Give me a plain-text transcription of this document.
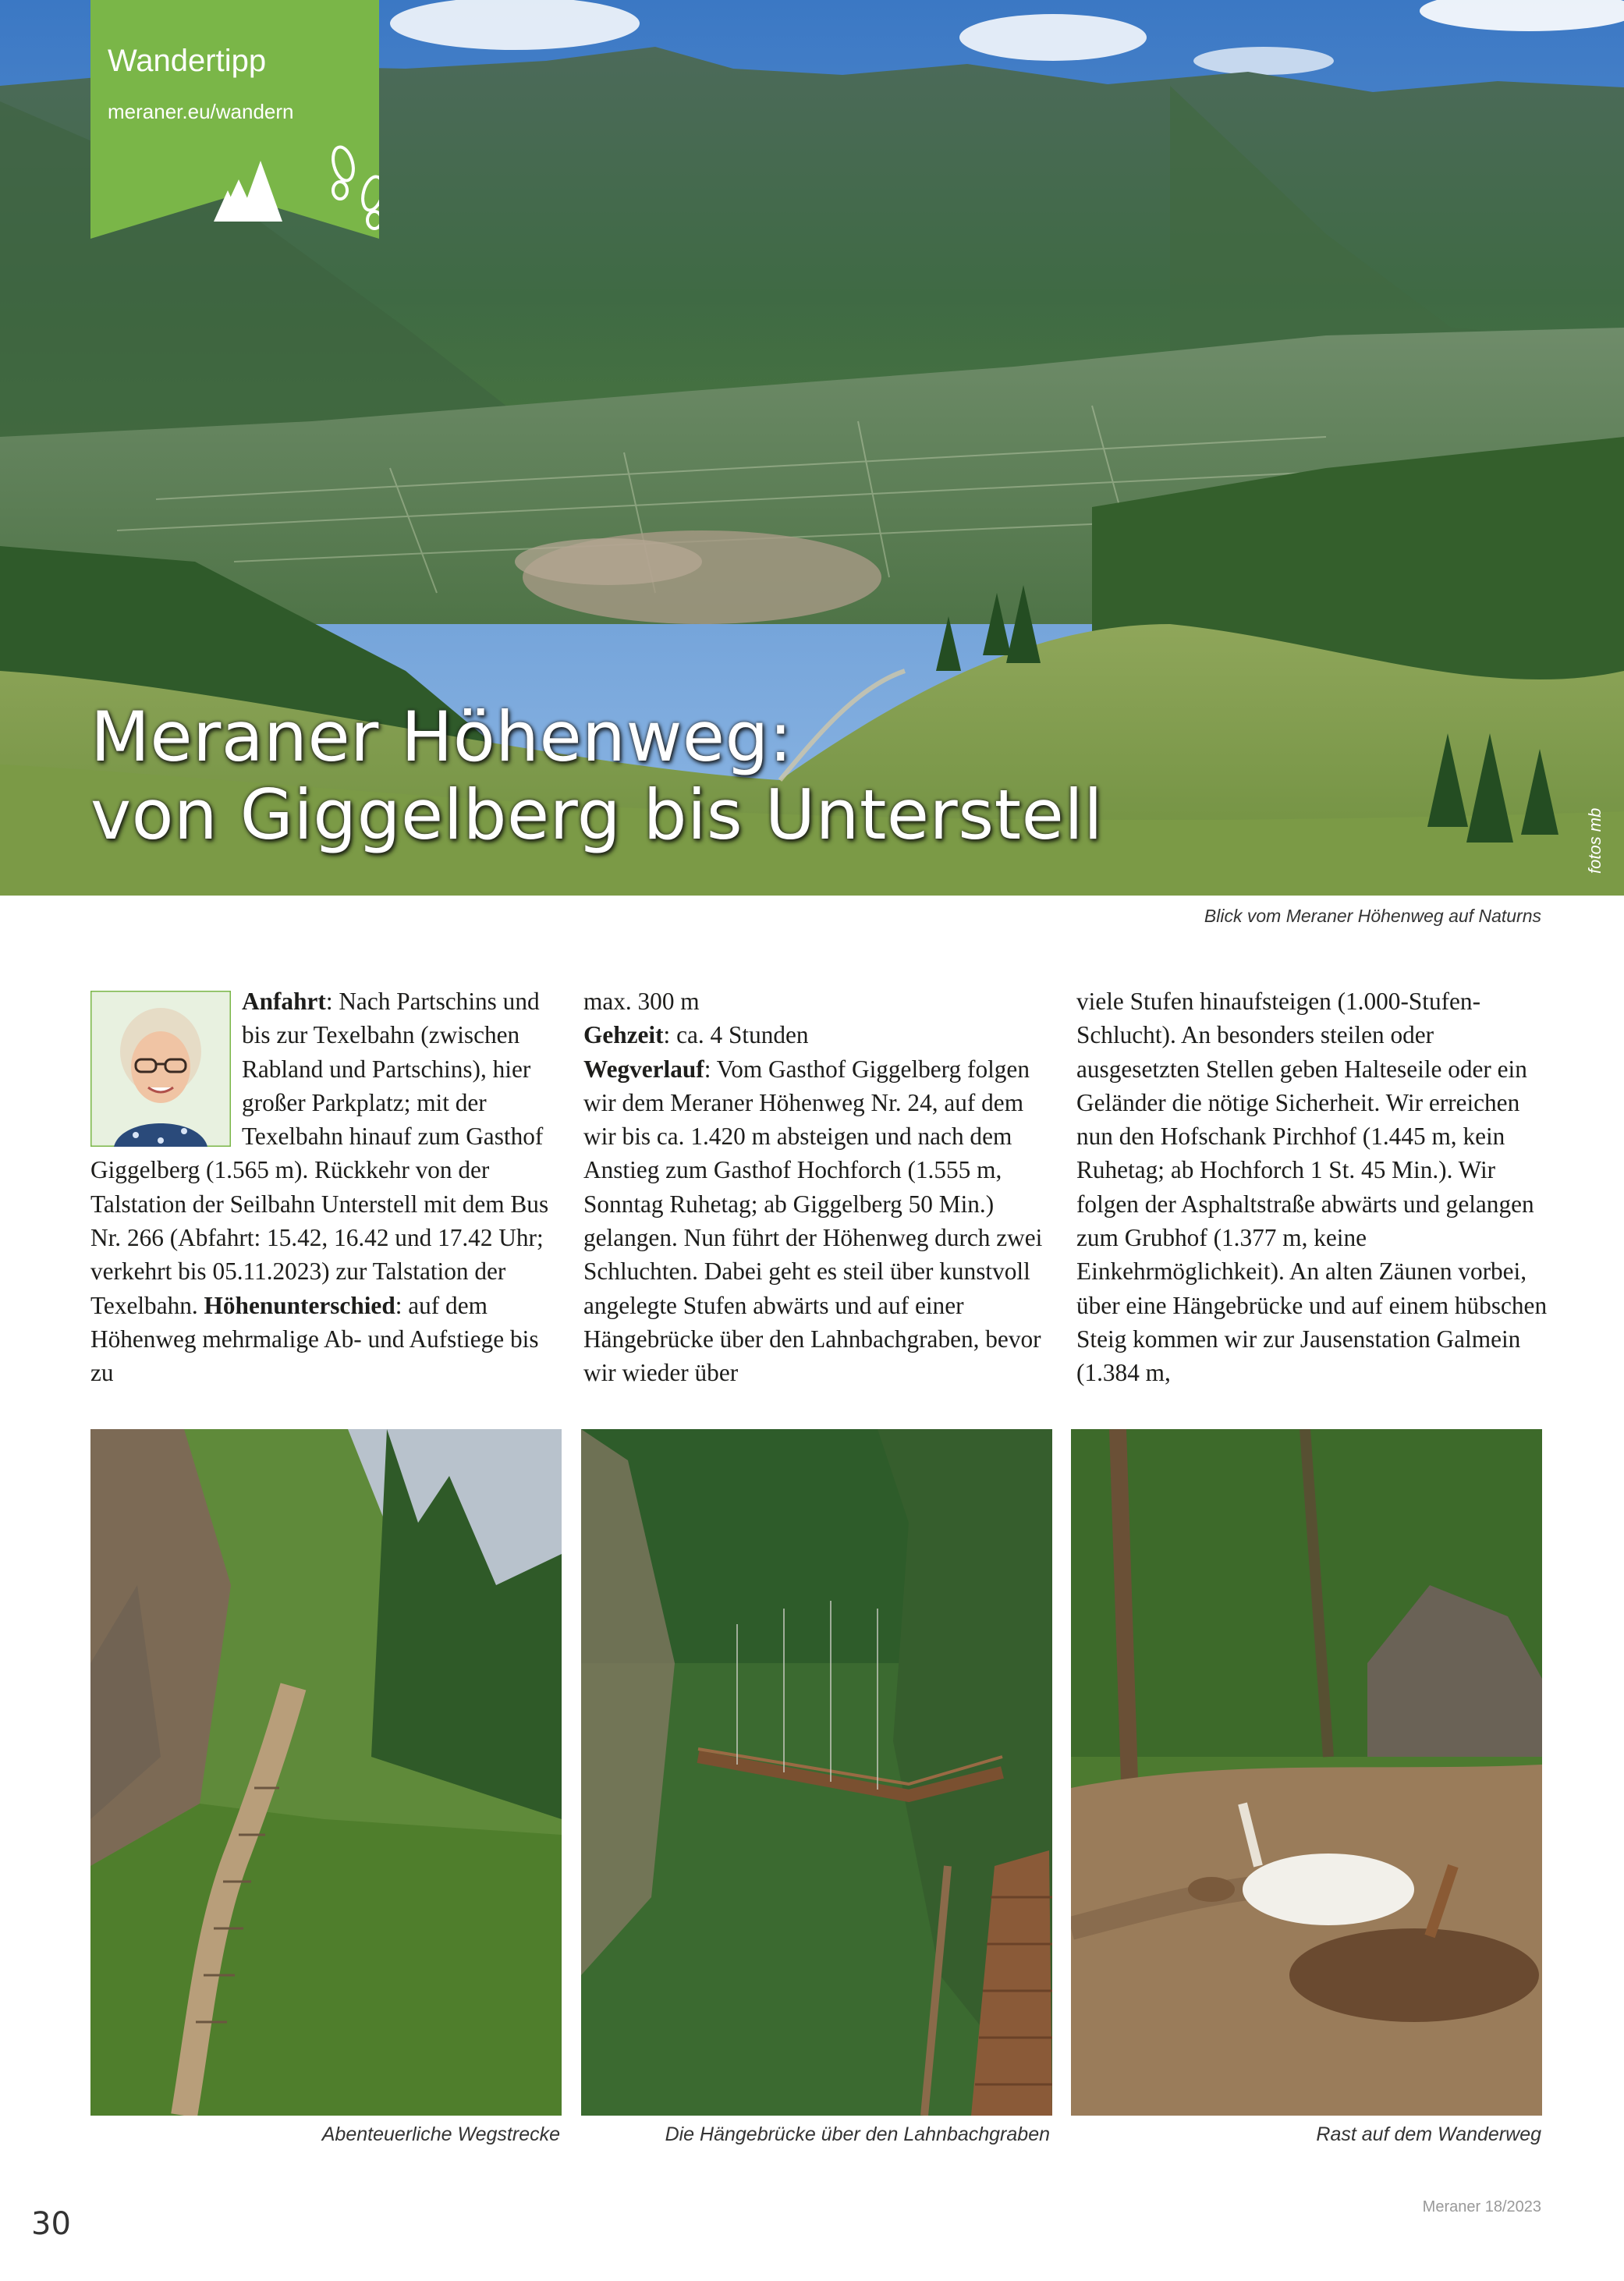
Wandertipp
meraner.eu/wandern
Meraner Höhenweg:
von Giggelberg bis Unterstell	fotos mb
Blick vom Meraner Höhenweg auf Naturns
Anfahrt: Nach Partschins und bis zur Texelbahn (zwischen Rabland und Partschins), hier großer Parkplatz; mit der Texelbahn hinauf zum Gasthof Giggelberg (1.565 m). Rückkehr von der Talstation der Seilbahn Unterstell mit dem Bus Nr. 266 (Abfahrt: 15.42, 16.42 und 17.42 Uhr; verkehrt bis 05.11.2023) zur Talstation der Texelbahn. Höhenunterschied: auf dem Höhenweg mehrmalige Ab- und Aufstiege bis zu
max. 300 m
Gehzeit: ca. 4 Stunden
Wegverlauf: Vom Gasthof Giggelberg folgen wir dem Meraner Höhenweg Nr. 24, auf dem wir bis ca. 1.420 m absteigen und nach dem Anstieg zum Gasthof Hochforch (1.555 m, Sonntag Ruhetag; ab Giggelberg 50 Min.) gelangen. Nun führt der Höhenweg durch zwei Schluchten. Dabei geht es steil über kunstvoll angelegte Stufen abwärts und auf einer Hängebrücke über den Lahnbachgraben, bevor wir wieder über
viele Stufen hinaufsteigen (1.000-Stufen-Schlucht). An besonders steilen oder ausgesetzten Stellen geben Halteseile oder ein Geländer die nötige Sicherheit. Wir erreichen nun den Hofschank Pirchhof (1.445 m, kein Ruhetag; ab Hochforch 1 St. 45 Min.). Wir folgen der Asphaltstraße abwärts und gelangen zum Grubhof (1.377 m, keine Einkehrmöglichkeit). An alten Zäunen vorbei, über eine Hängebrücke und auf einem hübschen Steig kommen wir zur Jausenstation Galmein (1.384 m,
Abenteuerliche Wegstrecke	Die Hängebrücke über den Lahnbachgraben	Rast auf dem Wanderweg
30	Meraner 18/2023
